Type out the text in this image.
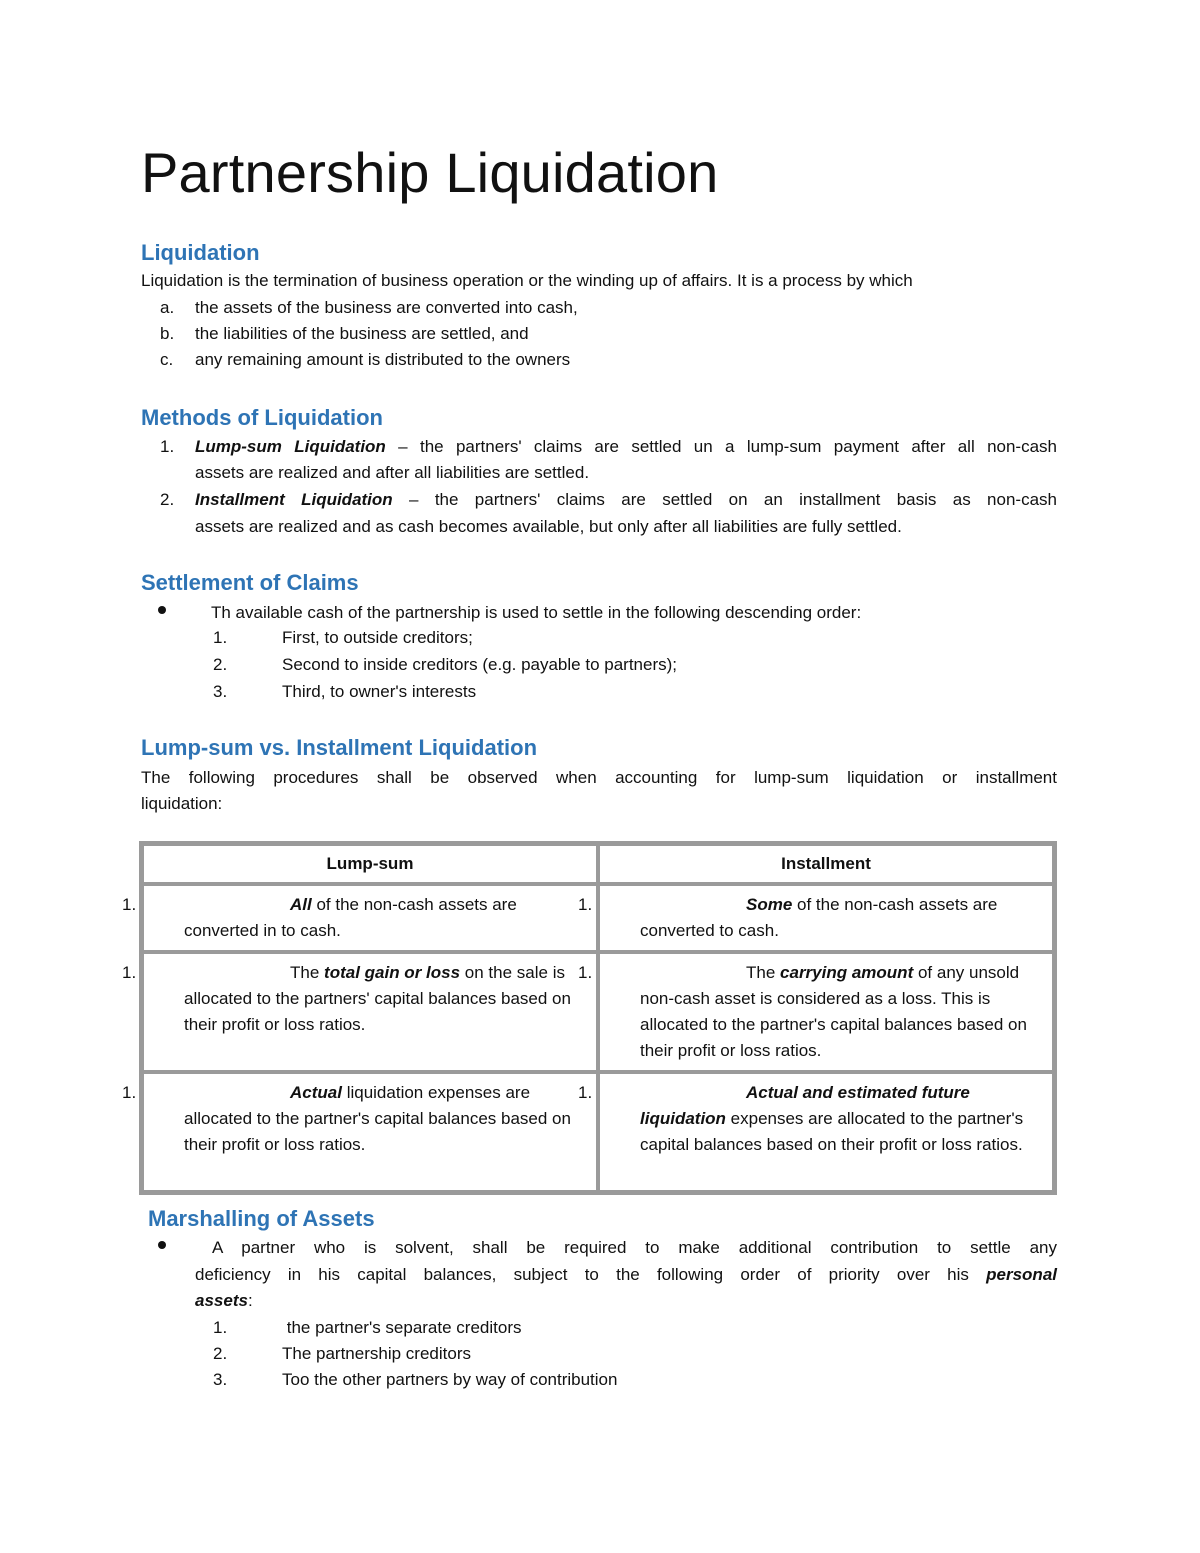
Partnership Liquidation
Liquidation
Liquidation is the termination of business operation or the winding up of affairs. It is a process by which
a. the assets of the business are converted into cash,
b. the liabilities of the business are settled, and
c. any remaining amount is distributed to the owners
Methods of Liquidation
1. Lump-sum Liquidation – the partners' claims are settled un a lump-sum payment after all non-cash
assets are realized and after all liabilities are settled.
2. Installment Liquidation – the partners' claims are settled on an installment basis as non-cash
assets are realized and as cash becomes available, but only after all liabilities are fully settled.
Settlement of Claims
Th available cash of the partnership is used to settle in the following descending order:
1.	First, to outside creditors;
2.	Second to inside creditors (e.g. payable to partners);
3.	Third, to owner's interests
Lump-sum vs. Installment Liquidation
The following procedures shall be observed when accounting for lump-sum liquidation or installment
liquidation:
Lump-sum	Installment

1. All of the non-cash assets are converted in to cash.	1. Some of the non-cash assets are converted to cash.

1. The total gain or loss on the sale is allocated to the partners' capital balances based on their profit or loss ratios.	1. The carrying amount of any unsold non-cash asset is considered as a loss. This is allocated to the partner's capital balances based on their profit or loss ratios.

1. Actual liquidation expenses are allocated to the partner's capital balances based on their profit or loss ratios.	1. Actual and estimated future liquidation expenses are allocated to the partner's capital balances based on their profit or loss ratios.
Marshalling of Assets
A partner who is solvent, shall be required to make additional contribution to settle any
deficiency in his capital balances, subject to the following order of priority over his personal
assets:
1.	the partner's separate creditors
2.	The partnership creditors
3.	Too the other partners by way of contribution
